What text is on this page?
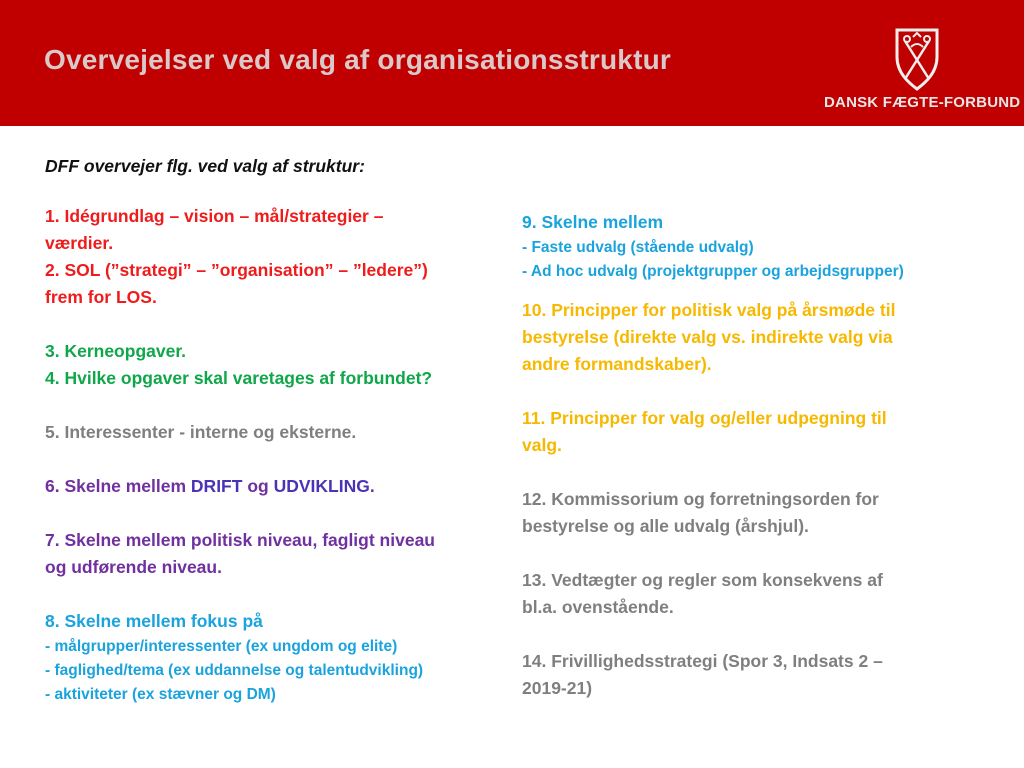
Overvejelser ved valg af organisationsstruktur
DANSK FÆGTE-FORBUND

DFF overvejer flg. ved valg af struktur:

1. Idégrundlag – vision – mål/strategier –

værdier.

2. SOL (”strategi” – ”organisation” – ”ledere”)

frem for LOS.

3. Kerneopgaver.

4. Hvilke opgaver skal varetages af forbundet?

5. Interessenter - interne og eksterne.

6. Skelne mellem DRIFT og UDVIKLING.

7. Skelne mellem politisk niveau, fagligt niveau

og udførende niveau.

8. Skelne mellem fokus på

- målgrupper/interessenter (ex ungdom og elite)

- faglighed/tema (ex uddannelse og talentudvikling)

- aktiviteter (ex stævner og DM)

9. Skelne mellem

- Faste udvalg (stående udvalg)

- Ad hoc udvalg (projektgrupper og arbejdsgrupper)

10. Principper for politisk valg på årsmøde til

bestyrelse (direkte valg vs. indirekte valg via

andre formandskaber).

11. Principper for valg og/eller udpegning til

valg.

12. Kommissorium og forretningsorden for

bestyrelse og alle udvalg (årshjul).

13. Vedtægter og regler som konsekvens af

bl.a. ovenstående.

14. Frivillighedsstrategi (Spor 3, Indsats 2 –

2019-21)
